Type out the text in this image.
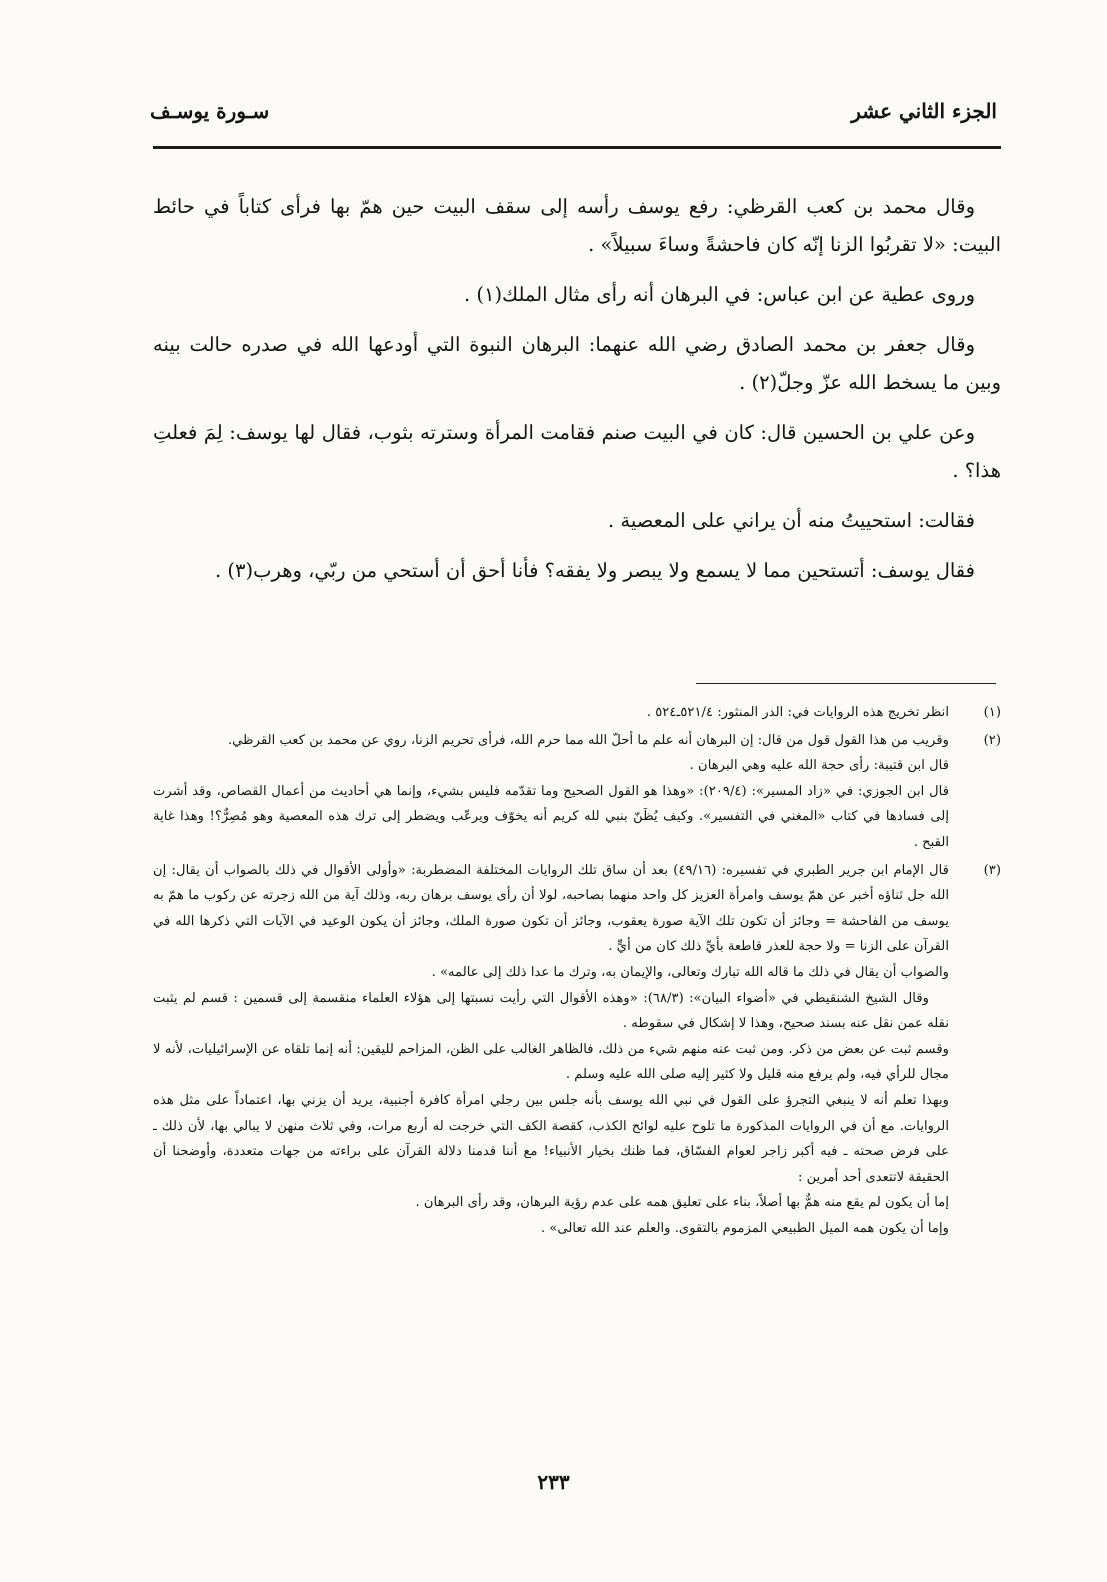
الجزء الثاني عشر
سـورة يوسـف

وقال محمد بن كعب القرظي: رفع يوسف رأسه إلى سقف البيت حين همّ بها فرأى كتاباً في حائط البيت: «لا تقربُوا الزنا إنّه كان فاحشةً وساءَ سبيلاً» .

وروى عطية عن ابن عباس: في البرهان أنه رأى مثال الملك(١) .

وقال جعفر بن محمد الصادق رضي الله عنهما: البرهان النبوة التي أودعها الله في صدره حالت بينه وبين ما يسخط الله عزّ وجلّ(٢) .

وعن علي بن الحسين قال: كان في البيت صنم فقامت المرأة وسترته بثوب، فقال لها يوسف: لِمَ فعلتِ هذا؟ .

فقالت: استحييتُ منه أن يراني على المعصية .

فقال يوسف: أتستحين مما لا يسمع ولا يبصر ولا يفقه؟ فأنا أحق أن أستحي من ربّي، وهرب(٣) .

(١)
انظر تخريج هذه الروايات في: الدر المنثور: ٥٢١/٤ـ٥٢٤ .
(٢)
وقريب من هذا القول قول من قال: إن البرهان أنه علم ما أحلّ الله مما حرم الله، فرأى تحريم الزنا، روي عن محمد بن كعب القرظي.
قال ابن قتيبة: رأى حجة الله عليه وهي البرهان .
قال ابن الجوزي: في «زاد المسير»: (٢٠٩/٤): «وهذا هو القول الصحيح وما تقدّمه فليس بشيء، وإنما هي أحاديث من أعمال القصاص، وقد أشرت إلى فسادها في كتاب «المغني في التفسير». وكيف يُظَنّ بنبي لله كريم أنه يخوّف ويرعّب ويضطر إلى ترك هذه المعصية وهو مُصِرٌّ؟! وهذا غاية القبح .
(٣)
قال الإمام ابن جرير الطبري في تفسيره: (٤٩/١٦) بعد أن ساق تلك الروايات المختلفة المضطربة: «وأولى الأقوال في ذلك بالصواب أن يقال: إن الله جل ثناؤه أخبر عن همّ يوسف وامرأة العزيز كل واحد منهما بصاحبه، لولا أن رأى يوسف برهان ربه، وذلك آية من الله زجرته عن ركوب ما همّ به يوسف من الفاحشة = وجائز أن تكون تلك الآية صورة يعقوب، وجائز أن تكون صورة الملك، وجائز أن يكون الوعيد في الآيات التي ذكرها الله في القرآن على الزنا = ولا حجة للعذر قاطعة بأيِّ ذلك كان من أيٍّ .
والصواب أن يقال في ذلك ما قاله الله تبارك وتعالى، والإيمان به، وترك ما عدا ذلك إلى عالمه» .
وقال الشيخ الشنقيطي في «أضواء البيان»: (٦٨/٣): «وهذه الأقوال التي رأيت نسبتها إلى هؤلاء العلماء منقسمة إلى قسمين : قسم لم يثبت نقله عمن نقل عنه بسند صحيح، وهذا لا إشكال في سقوطه .
وقسم ثبت عن بعض من ذكر. ومن ثبت عنه منهم شيء من ذلك، فالظاهر الغالب على الظن، المزاحم لليقين: أنه إنما تلقاه عن الإسرائيليات، لأنه لا مجال للرأي فيه، ولم يرفع منه قليل ولا كثير إليه صلى الله عليه وسلم .
وبهذا تعلم أنه لا ينبغي التجرؤ على القول في نبي الله يوسف بأنه جلس بين رجلي امرأة كافرة أجنبية، يريد أن يزني بها، اعتماداً على مثل هذه الروايات. مع أن في الروايات المذكورة ما تلوح عليه لوائح الكذب، كقصة الكف التي خرجت له أربع مرات، وفي ثلاث منهن لا يبالي بها، لأن ذلك ـ على فرض صحته ـ فيه أكبر زاجر لعوام الفسّاق، فما ظنك بخيار الأنبياء! مع أننا قدمنا دلالة القرآن على براءته من جهات متعددة، وأوضحنا أن الحقيقة لاتتعدى أحد أمرين :
إما أن يكون لم يقع منه همٌّ بها أصلاً، بناء على تعليق همه على عدم رؤية البرهان، وقد رأى البرهان .
وإما أن يكون همه الميل الطبيعي المزموم بالتقوى. والعلم عند الله تعالى» .
٢٣٣
